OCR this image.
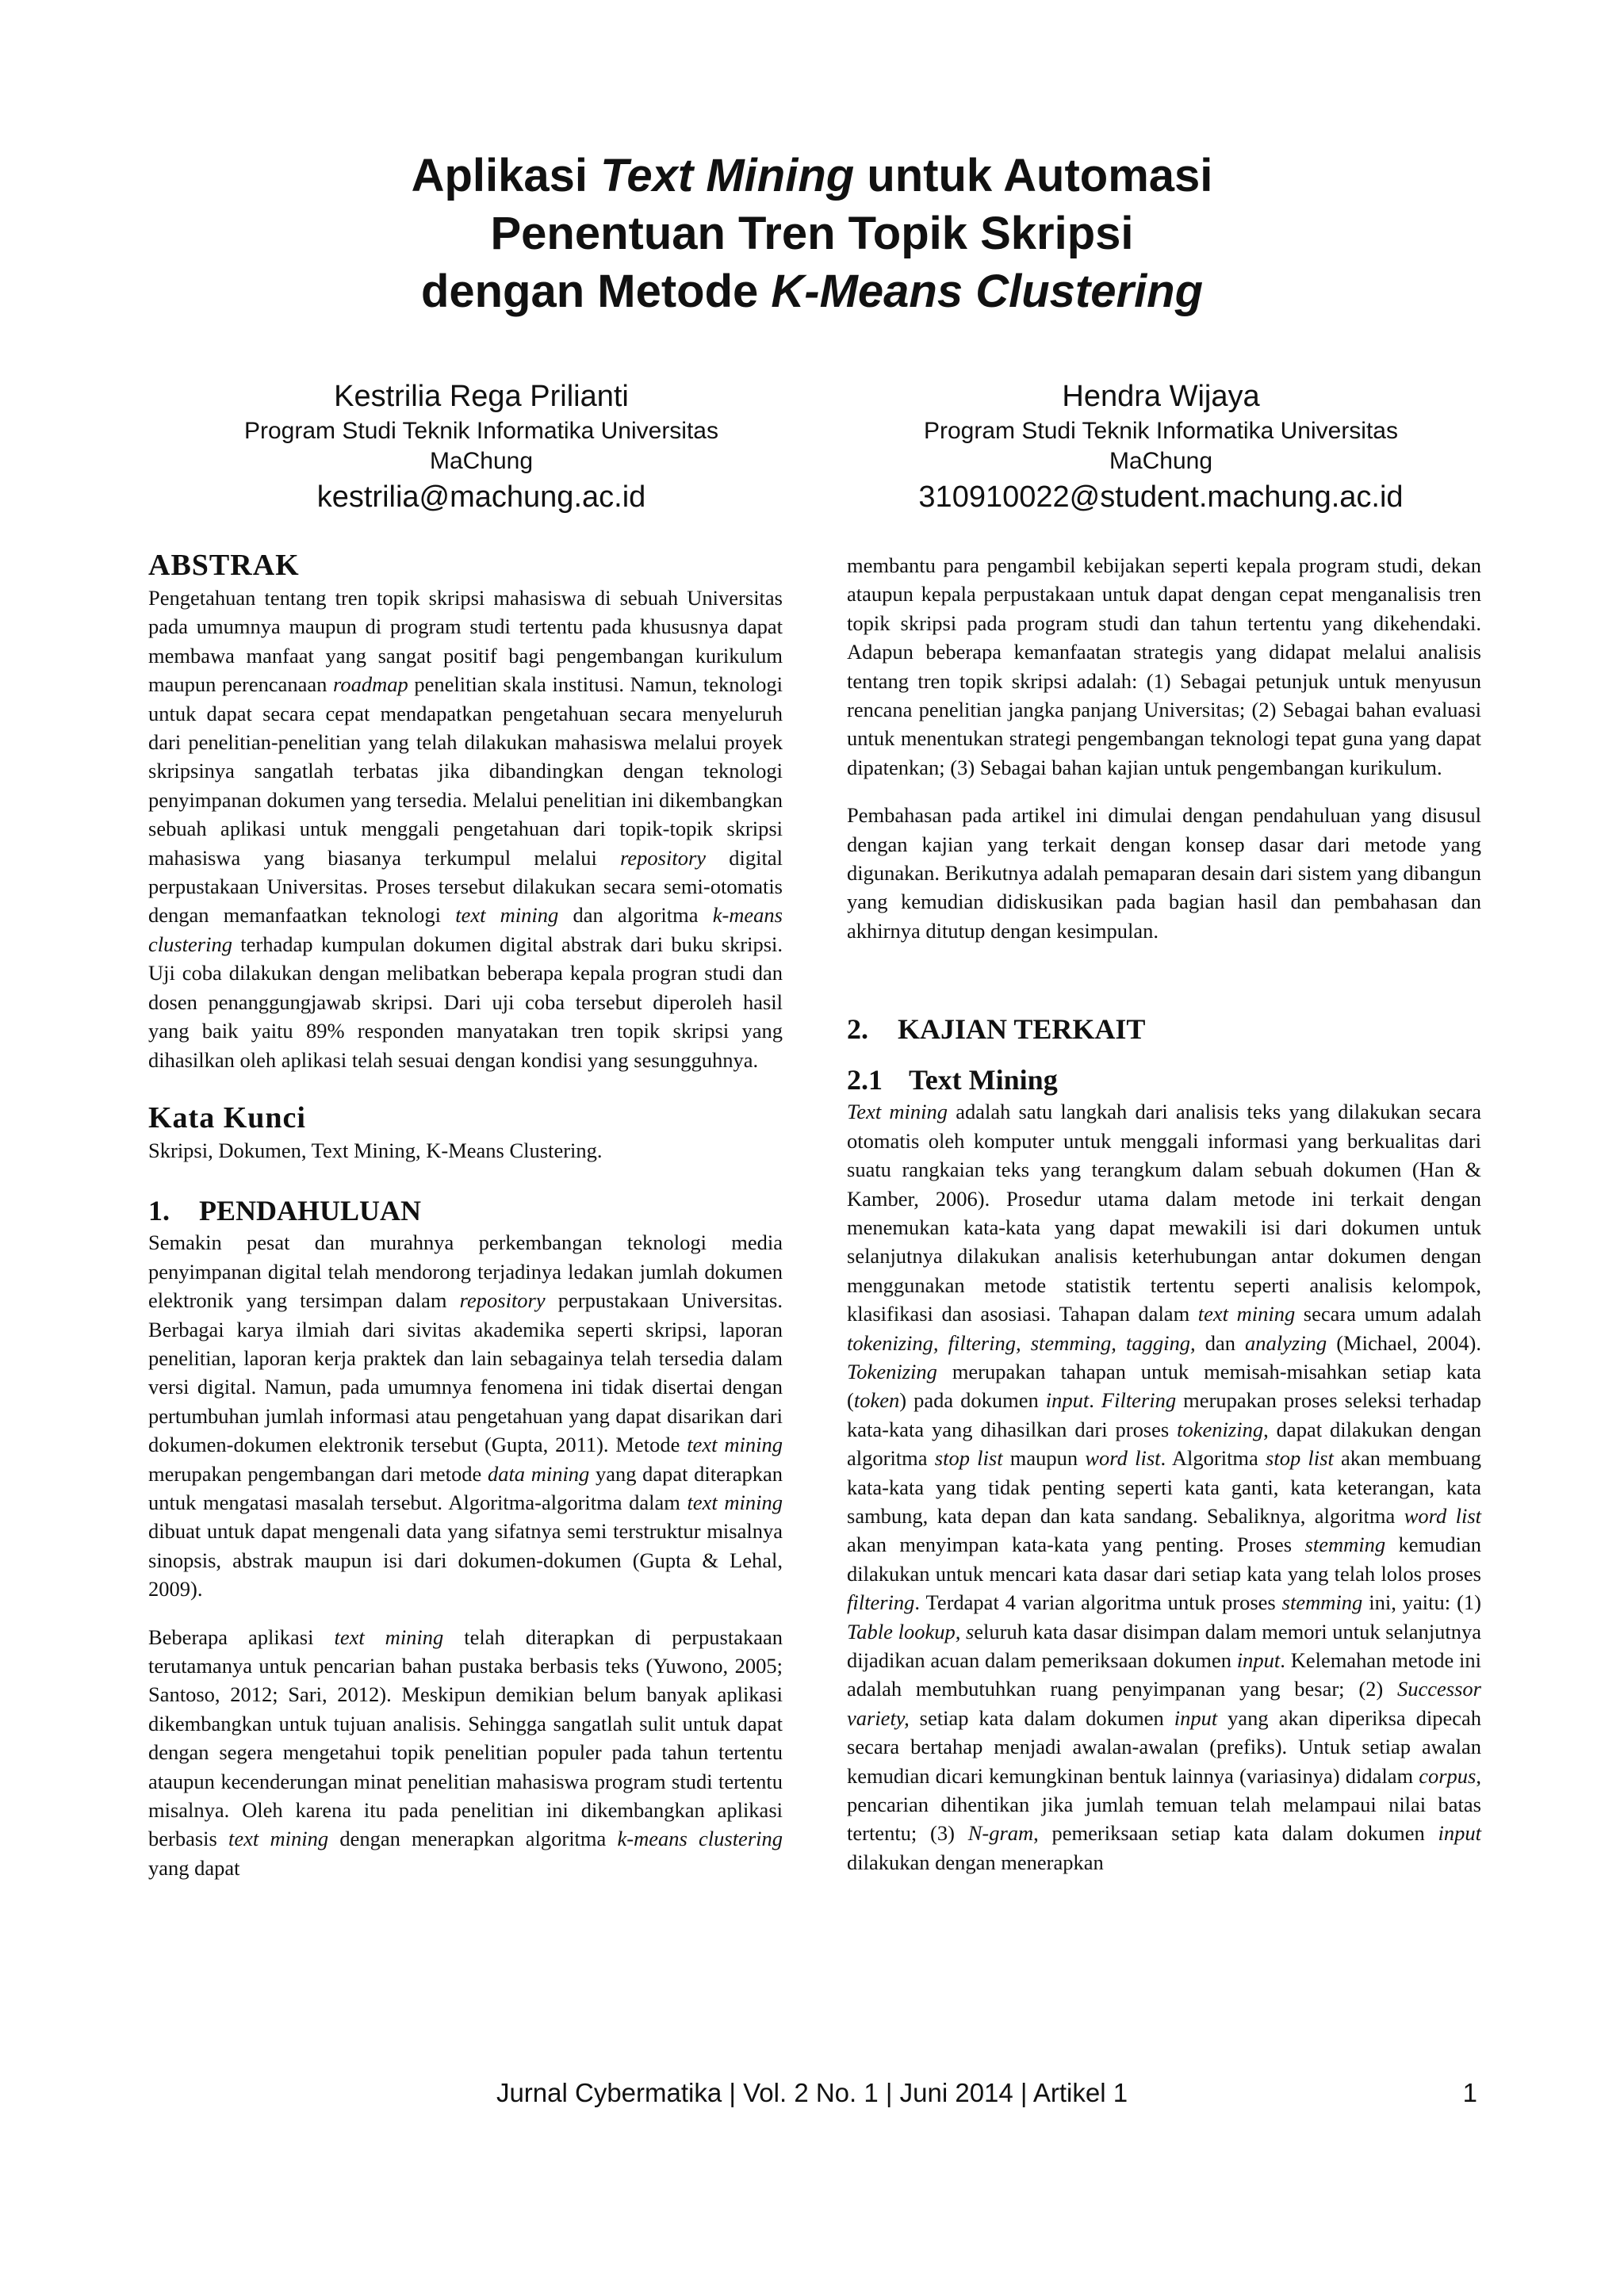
Aplikasi Text Mining untuk Automasi
Penentuan Tren Topik Skripsi
dengan Metode K-Means Clustering
Kestrilia Rega Prilianti
Program Studi Teknik Informatika Universitas
MaChung
kestrilia@machung.ac.id
Hendra Wijaya
Program Studi Teknik Informatika Universitas
MaChung
310910022@student.machung.ac.id
ABSTRAK

Pengetahuan tentang tren topik skripsi mahasiswa di sebuah Universitas pada umumnya maupun di program studi tertentu pada khususnya dapat membawa manfaat yang sangat positif bagi pengembangan kurikulum maupun perencanaan roadmap penelitian skala institusi. Namun, teknologi untuk dapat secara cepat mendapatkan pengetahuan secara menyeluruh dari penelitian-penelitian yang telah dilakukan mahasiswa melalui proyek skripsinya sangatlah terbatas jika dibandingkan dengan teknologi penyimpanan dokumen yang tersedia. Melalui penelitian ini dikembangkan sebuah aplikasi untuk menggali pengetahuan dari topik-topik skripsi mahasiswa yang biasanya terkumpul melalui repository digital perpustakaan Universitas. Proses tersebut dilakukan secara semi-otomatis dengan memanfaatkan teknologi text mining dan algoritma k-means clustering terhadap kumpulan dokumen digital abstrak dari buku skripsi. Uji coba dilakukan dengan melibatkan beberapa kepala progran studi dan dosen penanggungjawab skripsi. Dari uji coba tersebut diperoleh hasil yang baik yaitu 89% responden manyatakan tren topik skripsi yang dihasilkan oleh aplikasi telah sesuai dengan kondisi yang sesungguhnya.

Kata Kunci

Skripsi, Dokumen, Text Mining, K-Means Clustering.

1. PENDAHULUAN

Semakin pesat dan murahnya perkembangan teknologi media penyimpanan digital telah mendorong terjadinya ledakan jumlah dokumen elektronik yang tersimpan dalam repository perpustakaan Universitas. Berbagai karya ilmiah dari sivitas akademika seperti skripsi, laporan penelitian, laporan kerja praktek dan lain sebagainya telah tersedia dalam versi digital. Namun, pada umumnya fenomena ini tidak disertai dengan pertumbuhan jumlah informasi atau pengetahuan yang dapat disarikan dari dokumen-dokumen elektronik tersebut (Gupta, 2011). Metode text mining merupakan pengembangan dari metode data mining yang dapat diterapkan untuk mengatasi masalah tersebut. Algoritma-algoritma dalam text mining dibuat untuk dapat mengenali data yang sifatnya semi terstruktur misalnya sinopsis, abstrak maupun isi dari dokumen-dokumen (Gupta & Lehal, 2009).

Beberapa aplikasi text mining telah diterapkan di perpustakaan terutamanya untuk pencarian bahan pustaka berbasis teks (Yuwono, 2005; Santoso, 2012; Sari, 2012). Meskipun demikian belum banyak aplikasi dikembangkan untuk tujuan analisis. Sehingga sangatlah sulit untuk dapat dengan segera mengetahui topik penelitian populer pada tahun tertentu ataupun kecenderungan minat penelitian mahasiswa program studi tertentu misalnya. Oleh karena itu pada penelitian ini dikembangkan aplikasi berbasis text mining dengan menerapkan algoritma k-means clustering yang dapat

membantu para pengambil kebijakan seperti kepala program studi, dekan ataupun kepala perpustakaan untuk dapat dengan cepat menganalisis tren topik skripsi pada program studi dan tahun tertentu yang dikehendaki. Adapun beberapa kemanfaatan strategis yang didapat melalui analisis tentang tren topik skripsi adalah: (1) Sebagai petunjuk untuk menyusun rencana penelitian jangka panjang Universitas; (2) Sebagai bahan evaluasi untuk menentukan strategi pengembangan teknologi tepat guna yang dapat dipatenkan; (3) Sebagai bahan kajian untuk pengembangan kurikulum.

Pembahasan pada artikel ini dimulai dengan pendahuluan yang disusul dengan kajian yang terkait dengan konsep dasar dari metode yang digunakan. Berikutnya adalah pemaparan desain dari sistem yang dibangun yang kemudian didiskusikan pada bagian hasil dan pembahasan dan akhirnya ditutup dengan kesimpulan.

2. KAJIAN TERKAIT
2.1 Text Mining

Text mining adalah satu langkah dari analisis teks yang dilakukan secara otomatis oleh komputer untuk menggali informasi yang berkualitas dari suatu rangkaian teks yang terangkum dalam sebuah dokumen (Han & Kamber, 2006). Prosedur utama dalam metode ini terkait dengan menemukan kata-kata yang dapat mewakili isi dari dokumen untuk selanjutnya dilakukan analisis keterhubungan antar dokumen dengan menggunakan metode statistik tertentu seperti analisis kelompok, klasifikasi dan asosiasi. Tahapan dalam text mining secara umum adalah tokenizing, filtering, stemming, tagging, dan analyzing (Michael, 2004). Tokenizing merupakan tahapan untuk memisah-misahkan setiap kata (token) pada dokumen input. Filtering merupakan proses seleksi terhadap kata-kata yang dihasilkan dari proses tokenizing, dapat dilakukan dengan algoritma stop list maupun word list. Algoritma stop list akan membuang kata-kata yang tidak penting seperti kata ganti, kata keterangan, kata sambung, kata depan dan kata sandang. Sebaliknya, algoritma word list akan menyimpan kata-kata yang penting. Proses stemming kemudian dilakukan untuk mencari kata dasar dari setiap kata yang telah lolos proses filtering. Terdapat 4 varian algoritma untuk proses stemming ini, yaitu: (1) Table lookup, seluruh kata dasar disimpan dalam memori untuk selanjutnya dijadikan acuan dalam pemeriksaan dokumen input. Kelemahan metode ini adalah membutuhkan ruang penyimpanan yang besar; (2) Successor variety, setiap kata dalam dokumen input yang akan diperiksa dipecah secara bertahap menjadi awalan-awalan (prefiks). Untuk setiap awalan kemudian dicari kemungkinan bentuk lainnya (variasinya) didalam corpus, pencarian dihentikan jika jumlah temuan telah melampaui nilai batas tertentu; (3) N-gram, pemeriksaan setiap kata dalam dokumen input dilakukan dengan menerapkan

Jurnal Cybermatika | Vol. 2 No. 1 | Juni 2014 | Artikel 1	1
